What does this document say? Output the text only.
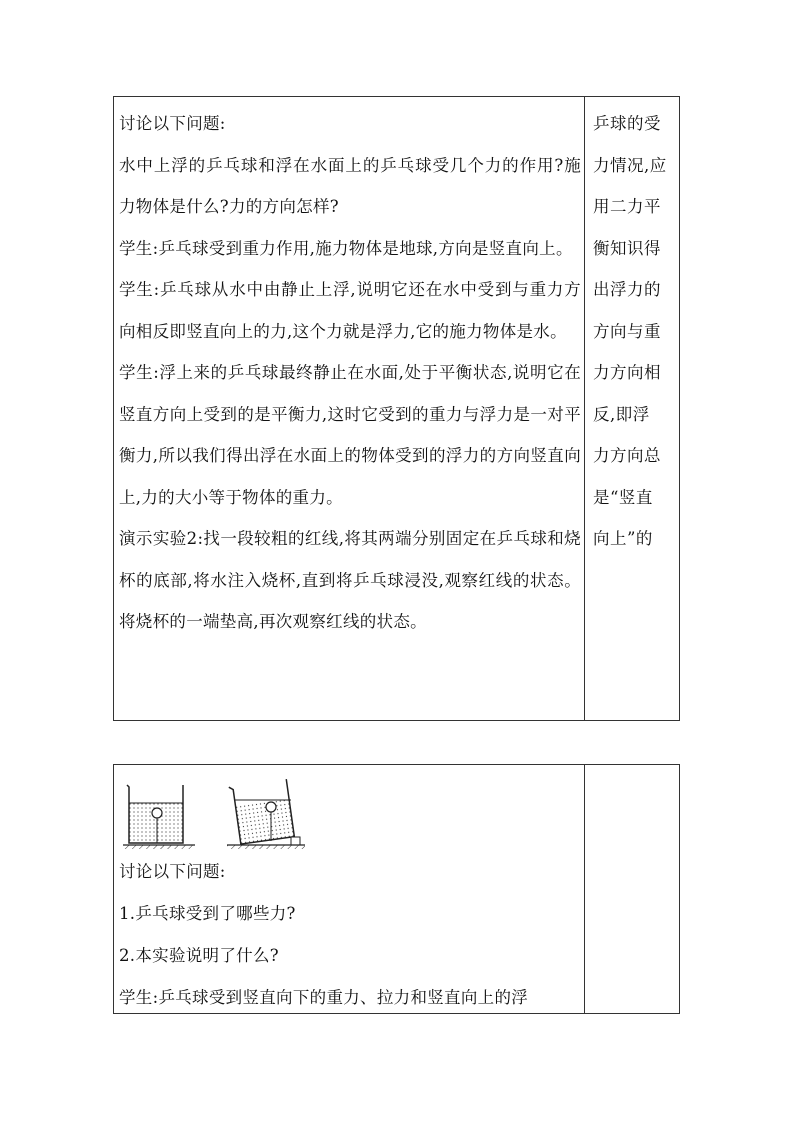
讨论以下问题:

水中上浮的乒乓球和浮在水面上的乒乓球受几个力的作用?施力物体是什么?力的方向怎样?

学生:乒乓球受到重力作用,施力物体是地球,方向是竖直向上。

学生:乒乓球从水中由静止上浮,说明它还在水中受到与重力方向相反即竖直向上的力,这个力就是浮力,它的施力物体是水。

学生:浮上来的乒乓球最终静止在水面,处于平衡状态,说明它在竖直方向上受到的是平衡力,这时它受到的重力与浮力是一对平衡力,所以我们得出浮在水面上的物体受到的浮力的方向竖直向上,力的大小等于物体的重力。

演示实验2:找一段较粗的红线,将其两端分别固定在乒乓球和烧杯的底部,将水注入烧杯,直到将乒乓球浸没,观察红线的状态。将烧杯的一端垫高,再次观察红线的状态。

乒球的受

力情况,应

用二力平

衡知识得

出浮力的

方向与重

力方向相

反,即浮

力方向总

是“竖直

向上”的

讨论以下问题:

1.乒乓球受到了哪些力?

2.本实验说明了什么?

学生:乒乓球受到竖直向下的重力、拉力和竖直向上的浮
